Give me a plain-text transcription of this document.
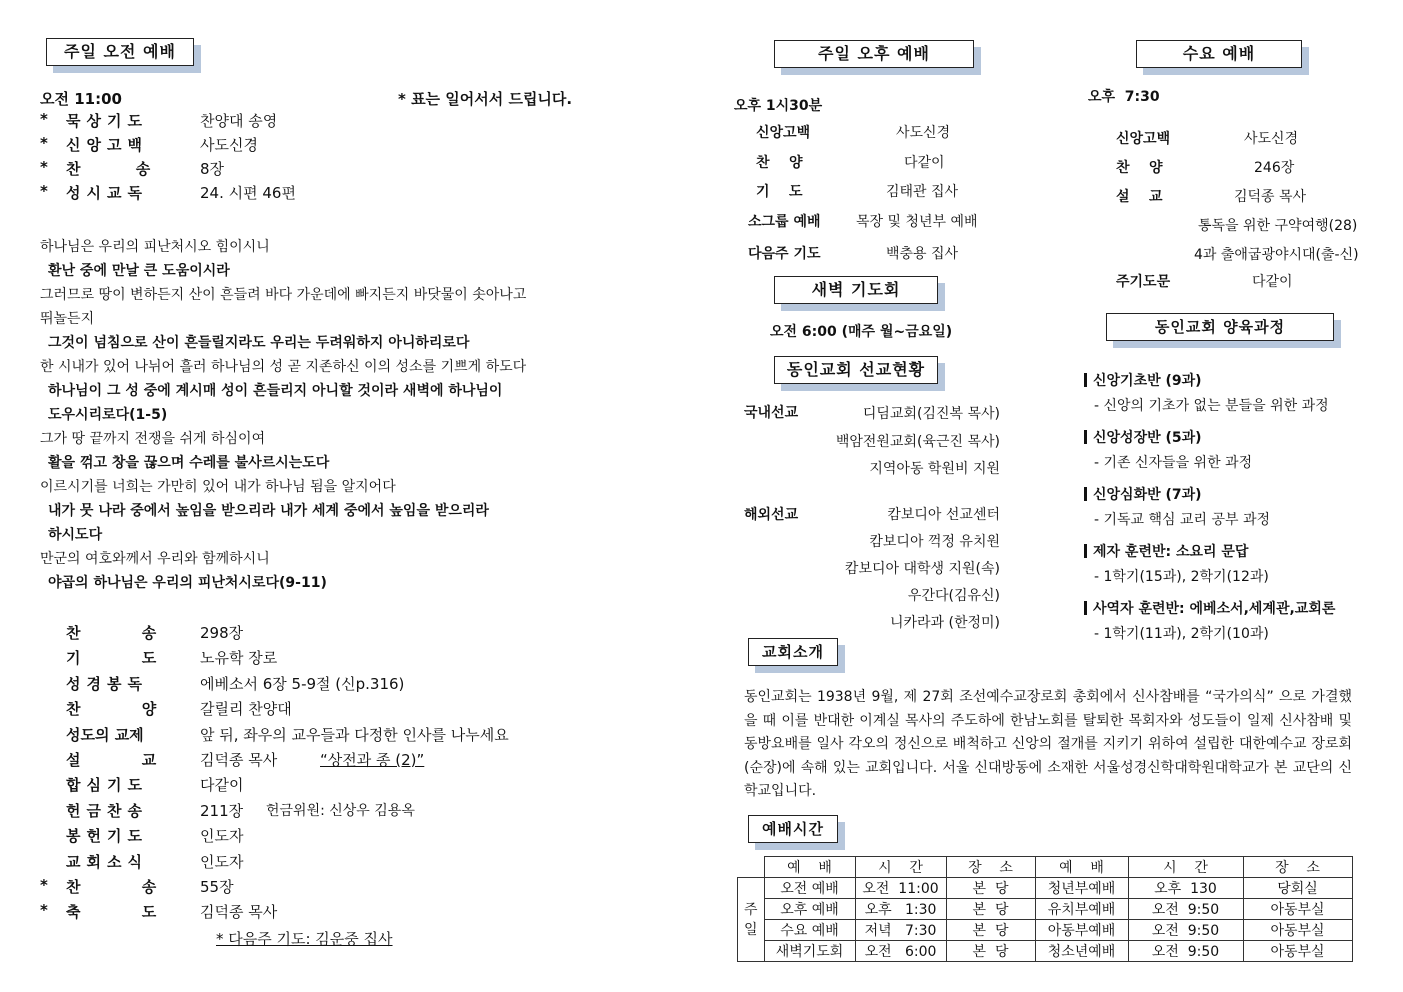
주일 오전 예배
오전 11:00	* 표는 일어서서 드립니다.
* 묵상기도	찬양대 송영
* 신앙고백	사도신경
* 찬 송	8장
* 성시교독	24. 시편 46편
하나님은 우리의 피난처시오 힘이시니
환난 중에 만날 큰 도움이시라
그러므로 땅이 변하든지 산이 흔들려 바다 가운데에 빠지든지 바닷물이 솟아나고
뛰놀든지
그것이 넘침으로 산이 흔들릴지라도 우리는 두려워하지 아니하리로다
한 시내가 있어 나뉘어 흘러 하나님의 성 곧 지존하신 이의 성소를 기쁘게 하도다
하나님이 그 성 중에 계시매 성이 흔들리지 아니할 것이라 새벽에 하나님이
도우시리로다(1-5)
그가 땅 끝까지 전쟁을 쉬게 하심이여
활을 꺾고 창을 끊으며 수레를 불사르시는도다
이르시기를 너희는 가만히 있어 내가 하나님 됨을 알지어다
내가 뭇 나라 중에서 높임을 받으리라 내가 세계 중에서 높임을 받으리라
하시도다
만군의 여호와께서 우리와 함께하시니
야곱의 하나님은 우리의 피난처시로다(9-11)
찬 송	298장
기 도	노유학 장로
성경봉독	에베소서 6장 5-9절 (신p.316)
찬 양	갈릴리 찬양대
성도의 교제	앞 뒤, 좌우의 교우들과 다정한 인사를 나누세요
설 교	김덕종 목사	“상전과 종 (2)”
합심기도	다같이
헌금찬송	211장 헌금위원: 신상우 김용옥
봉헌기도	인도자
교회소식	인도자
* 찬 송	55장
* 축 도	김덕종 목사
* 다음주 기도: 김운중 집사
주일 오후 예배
오후 1시30분
신앙고백	사도신경
찬    양	다같이
기    도	김태관 집사
소그룹 예배	목장 및 청년부 예배
다음주 기도	백충용 집사
새벽 기도회
오전 6:00 (매주 월~금요일)
동인교회 선교현황
국내선교	디딤교회(김진복 목사)
백암전원교회(육근진 목사)
지역아동 학원비 지원
해외선교	캄보디아 선교센터
캄보디아 꺽정 유치원
캄보디아 대학생 지원(속)
우간다(김유신)
니카라과 (한정미)
교회소개
동인교회는 1938년 9월, 제 27회 조선예수교장로회 총회에서 신사참배를 “국가의식” 으로 가결했을 때 이를 반대한 이계실 목사의 주도하에 한남노회를 탈퇴한 목회자와 성도들이 일제 신사참배 및 동방요배를 일사 각오의 정신으로 배척하고 신앙의 절개를 지키기 위하여 설립한 대한예수교 장로회(순장)에 속해 있는 교회입니다. 서울 신대방동에 소재한 서울성경신학대학원대학교가 본 교단의 신학교입니다.
예배시간
	예    배	시    간	장    소	예    배	시    간	장    소
주일	오전 예배	오전  11:00	본  당	청년부예배	오후  130	당회실
	오후 예배	오후   1:30	본  당	유치부예배	오전  9:50	아동부실
	수요 예배	저녁   7:30	본  당	아동부예배	오전  9:50	아동부실
	새벽기도회	오전   6:00	본  당	청소년예배	오전  9:50	아동부실
수요 예배
오후  7:30
신앙고백	사도신경
찬    양	246장
설    교	김덕종 목사
통독을 위한 구약여행(28)
4과 출애굽광야시대(출-신)
주기도문	다같이
동인교회 양육과정
신앙기초반 (9과)
- 신앙의 기초가 없는 분들을 위한 과정
신앙성장반 (5과)
- 기존 신자들을 위한 과정
신앙심화반 (7과)
- 기독교 핵심 교리 공부 과정
제자 훈련반: 소요리 문답
- 1학기(15과), 2학기(12과)
사역자 훈련반: 에베소서,세계관,교회론
- 1학기(11과), 2학기(10과)
